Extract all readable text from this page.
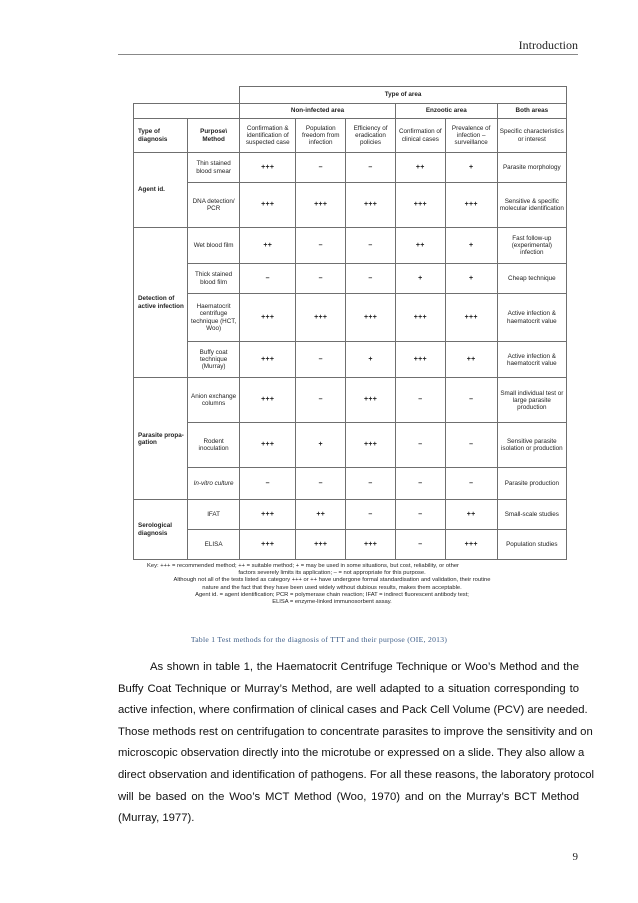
Introduction
		Type of area					
		Non-infected area			Enzootic area		Both areas
Type of diagnosis	Purpose\ Method	Confirmation & identification of suspected case	Population freedom from infection	Efficiency of eradication policies	Confirmation of clinical cases	Prevalence of infection – surveillance	Specific characteristics or interest
Agent id.	Thin stained blood smear	+++	–	–	++	+	Parasite morphology
	DNA detection/ PCR	+++	+++	+++	+++	+++	Sensitive & specific molecular identification
Detection of active infection	Wet blood film	++	–	–	++	+	Fast follow-up (experimental) infection
	Thick stained blood film	–	–	–	+	+	Cheap technique
	Haematocrit centrifuge technique (HCT, Woo)	+++	+++	+++	+++	+++	Active infection & haematocrit value
	Buffy coat technique (Murray)	+++	–	+	+++	++	Active infection & haematocrit value
Parasite propa- gation	Anion exchange columns	+++	–	+++	–	–	Small individual test or large parasite production
	Rodent inoculation	+++	+	+++	–	–	Sensitive parasite isolation or production
	In-vitro culture	–	–	–	–	–	Parasite production
Serological diagnosis	IFAT	+++	++	–	–	++	Small-scale studies
	ELISA	+++	+++	+++	–	+++	Population studies
Key: +++ = recommended method; ++ = suitable method; + = may be used in some situations, but cost, reliability, or other
factors severely limits its application; – = not appropriate for this purpose.
Although not all of the tests listed as category +++ or ++ have undergone formal standardisation and validation, their routine
nature and the fact that they have been used widely without dubious results, makes them acceptable.
Agent id. = agent identification; PCR = polymerase chain reaction; IFAT = indirect fluorescent antibody test;
ELISA = enzyme-linked immunosorbent assay.
Table 1 Test methods for the diagnosis of TTT and their purpose (OIE, 2013)
As shown in table 1, the Haematocrit Centrifuge Technique or Woo’s Method and the
Buffy Coat Technique or Murray’s Method, are well adapted to a situation corresponding to
active infection, where confirmation of clinical cases and Pack Cell Volume (PCV) are needed.
Those methods rest on centrifugation to concentrate parasites to improve the sensitivity and on
microscopic observation directly into the microtube or expressed on a slide. They also allow a
direct observation and identification of pathogens. For all these reasons, the laboratory protocol
will be based on the Woo’s MCT Method (Woo, 1970) and on the Murray’s BCT Method
(Murray, 1977).
9
